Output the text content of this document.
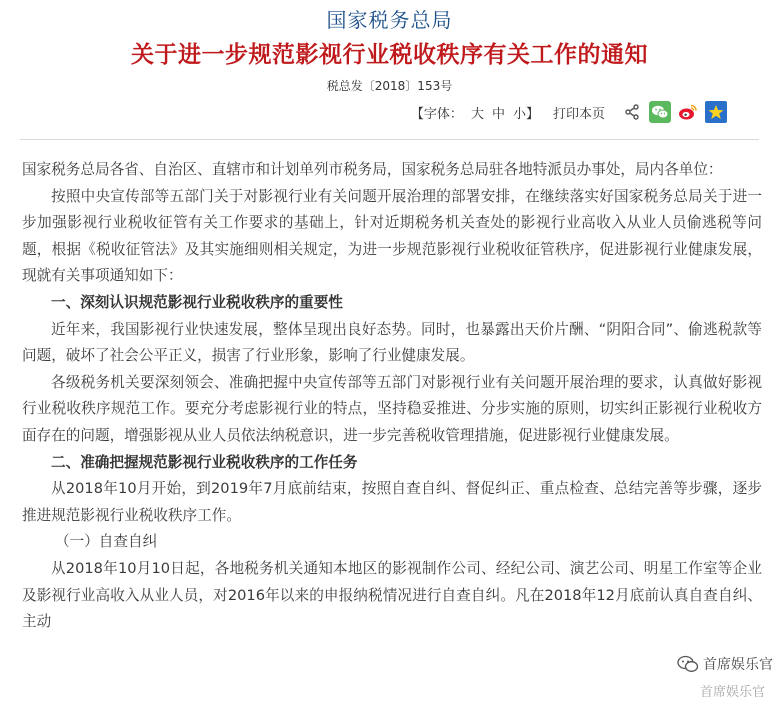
国家税务总局
关于进一步规范影视行业税收秩序有关工作的通知
税总发〔2018〕153号
【字体： 大 中 小】 打印本页

国家税务总局各省、自治区、直辖市和计划单列市税务局，国家税务总局驻各地特派员办事处，局内各单位：

按照中央宣传部等五部门关于对影视行业有关问题开展治理的部署安排，在继续落实好国家税务总局关于进一步加强影视行业税收征管有关工作要求的基础上，针对近期税务机关查处的影视行业高收入从业人员偷逃税等问题，根据《税收征管法》及其实施细则相关规定，为进一步规范影视行业税收征管秩序，促进影视行业健康发展，现就有关事项通知如下：

一、深刻认识规范影视行业税收秩序的重要性

近年来，我国影视行业快速发展，整体呈现出良好态势。同时，也暴露出天价片酬、“阴阳合同”、偷逃税款等问题，破坏了社会公平正义，损害了行业形象，影响了行业健康发展。

各级税务机关要深刻领会、准确把握中央宣传部等五部门对影视行业有关问题开展治理的要求，认真做好影视行业税收秩序规范工作。要充分考虑影视行业的特点，坚持稳妥推进、分步实施的原则，切实纠正影视行业税收方面存在的问题，增强影视从业人员依法纳税意识，进一步完善税收管理措施，促进影视行业健康发展。

二、准确把握规范影视行业税收秩序的工作任务

从2018年10月开始，到2019年7月底前结束，按照自查自纠、督促纠正、重点检查、总结完善等步骤，逐步推进规范影视行业税收秩序工作。

（一）自查自纠

从2018年10月10日起，各地税务机关通知本地区的影视制作公司、经纪公司、演艺公司、明星工作室等企业及影视行业高收入从业人员，对2016年以来的申报纳税情况进行自查自纠。凡在2018年12月底前认真自查自纠、主动

首席娱乐官
首席娱乐官
